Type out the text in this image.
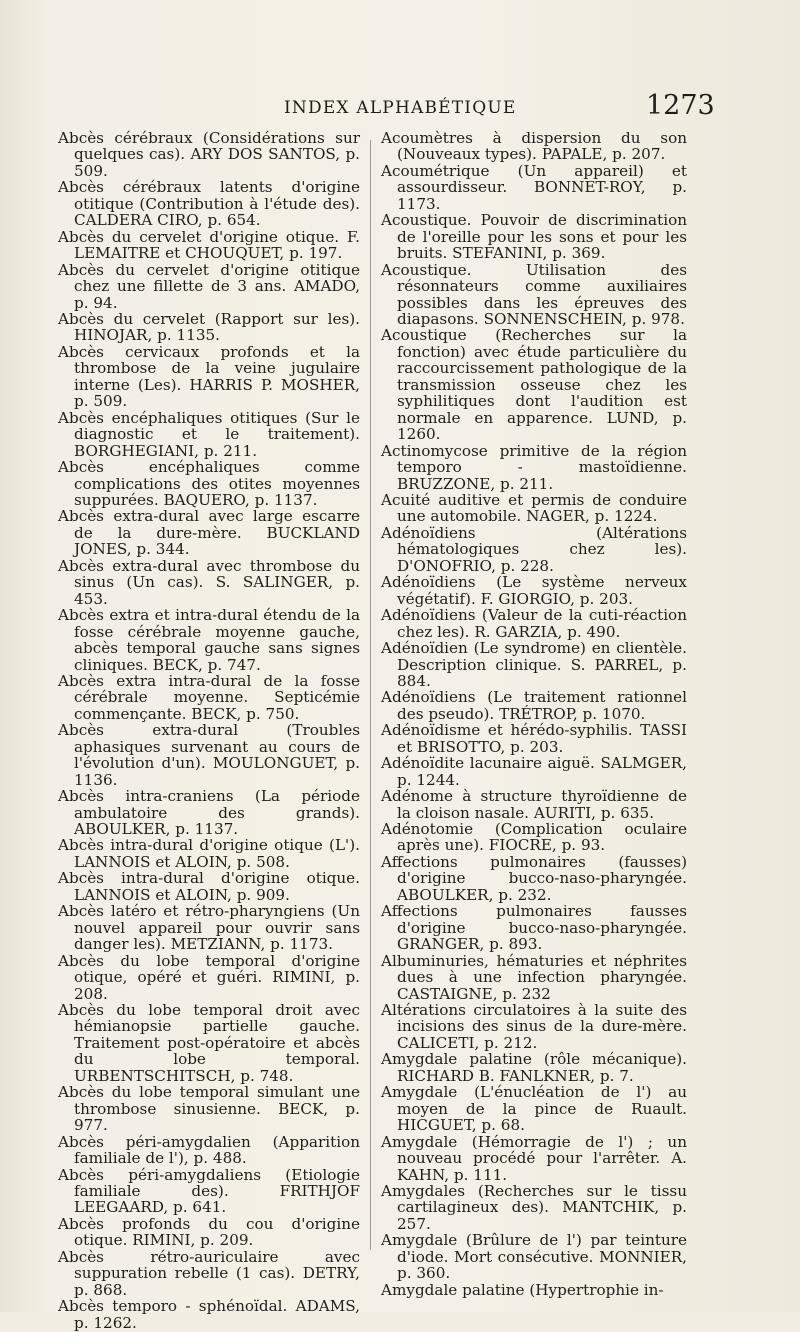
INDEX ALPHABÉTIQUE	1273

Abcès cérébraux (Considérations sur quelques cas). ARY DOS SANTOS, p. 509.

Abcès cérébraux latents d'origine otitique (Contribution à l'étude des). CALDERA CIRO, p. 654.

Abcès du cervelet d'origine otique. F. LEMAITRE et CHOUQUET, p. 197.

Abcès du cervelet d'origine otitique chez une fillette de 3 ans. AMADO, p. 94.

Abcès du cervelet (Rapport sur les). HINOJAR, p. 1135.

Abcès cervicaux profonds et la thrombose de la veine jugulaire interne (Les). HARRIS P. MOSHER, p. 509.

Abcès encéphaliques otitiques (Sur le diagnostic et le traitement). BORGHEGIANI, p. 211.

Abcès encéphaliques comme complications des otites moyennes suppurées. BAQUERO, p. 1137.

Abcès extra-dural avec large escarre de la dure-mère. BUCKLAND JONES, p. 344.

Abcès extra-dural avec thrombose du sinus (Un cas). S. SALINGER, p. 453.

Abcès extra et intra-dural étendu de la fosse cérébrale moyenne gauche, abcès temporal gauche sans signes cliniques. BECK, p. 747.

Abcès extra intra-dural de la fosse cérébrale moyenne. Septicémie commençante. BECK, p. 750.

Abcès extra-dural (Troubles aphasiques survenant au cours de l'évolution d'un). MOULONGUET, p. 1136.

Abcès intra-craniens (La période ambulatoire des grands). ABOULKER, p. 1137.

Abcès intra-dural d'origine otique (L'). LANNOIS et ALOIN, p. 508.

Abcès intra-dural d'origine otique. LANNOIS et ALOIN, p. 909.

Abcès latéro et rétro-pharyngiens (Un nouvel appareil pour ouvrir sans danger les). METZIANN, p. 1173.

Abcès du lobe temporal d'origine otique, opéré et guéri. RIMINI, p. 208.

Abcès du lobe temporal droit avec hémianopsie partielle gauche. Traitement post-opératoire et abcès du lobe temporal. URBENTSCHITSCH, p. 748.

Abcès du lobe temporal simulant une thrombose sinusienne. BECK, p. 977.

Abcès péri-amygdalien (Apparition familiale de l'), p. 488.

Abcès péri-amygdaliens (Etiologie familiale des). FRITHJOF LEEGAARD, p. 641.

Abcès profonds du cou d'origine otique. RIMINI, p. 209.

Abcès rétro-auriculaire avec suppuration rebelle (1 cas). DETRY, p. 868.

Abcès temporo - sphénoïdal. ADAMS, p. 1262.

Acoumètres à dispersion du son (Nouveaux types). PAPALE, p. 207.

Acoumétrique (Un appareil) et assourdisseur. BONNET-ROY, p. 1173.

Acoustique. Pouvoir de discrimination de l'oreille pour les sons et pour les bruits. STEFANINI, p. 369.

Acoustique. Utilisation des résonnateurs comme auxiliaires possibles dans les épreuves des diapasons. SONNENSCHEIN, p. 978.

Acoustique (Recherches sur la fonction) avec étude particulière du raccourcissement pathologique de la transmission osseuse chez les syphilitiques dont l'audition est normale en apparence. LUND, p. 1260.

Actinomycose primitive de la région temporo - mastoïdienne. BRUZZONE, p. 211.

Acuité auditive et permis de conduire une automobile. NAGER, p. 1224.

Adénoïdiens (Altérations hématologiques chez les). D'ONOFRIO, p. 228.

Adénoïdiens (Le système nerveux végétatif). F. GIORGIO, p. 203.

Adénoïdiens (Valeur de la cuti-réaction chez les). R. GARZIA, p. 490.

Adénoïdien (Le syndrome) en clientèle. Description clinique. S. PARREL, p. 884.

Adénoïdiens (Le traitement rationnel des pseudo). TRÉTROP, p. 1070.

Adénoïdisme et hérédo-syphilis. TASSI et BRISOTTO, p. 203.

Adénoïdite lacunaire aiguë. SALMGER, p. 1244.

Adénome à structure thyroïdienne de la cloison nasale. AURITI, p. 635.

Adénotomie (Complication oculaire après une). FIOCRE, p. 93.

Affections pulmonaires (fausses) d'origine bucco-naso-pharyngée. ABOULKER, p. 232.

Affections pulmonaires fausses d'origine bucco-naso-pharyngée. GRANGER, p. 893.

Albuminuries, hématuries et néphrites dues à une infection pharyngée. CASTAIGNE, p. 232

Altérations circulatoires à la suite des incisions des sinus de la dure-mère. CALICETI, p. 212.

Amygdale palatine (rôle mécanique). RICHARD B. FANLKNER, p. 7.

Amygdale (L'énucléation de l') au moyen de la pince de Ruault. HICGUET, p. 68.

Amygdale (Hémorragie de l') ; un nouveau procédé pour l'arrêter. A. KAHN, p. 111.

Amygdales (Recherches sur le tissu cartilagineux des). MANTCHIK, p. 257.

Amygdale (Brûlure de l') par teinture d'iode. Mort consécutive. MONNIER, p. 360.

Amygdale palatine (Hypertrophie in-
